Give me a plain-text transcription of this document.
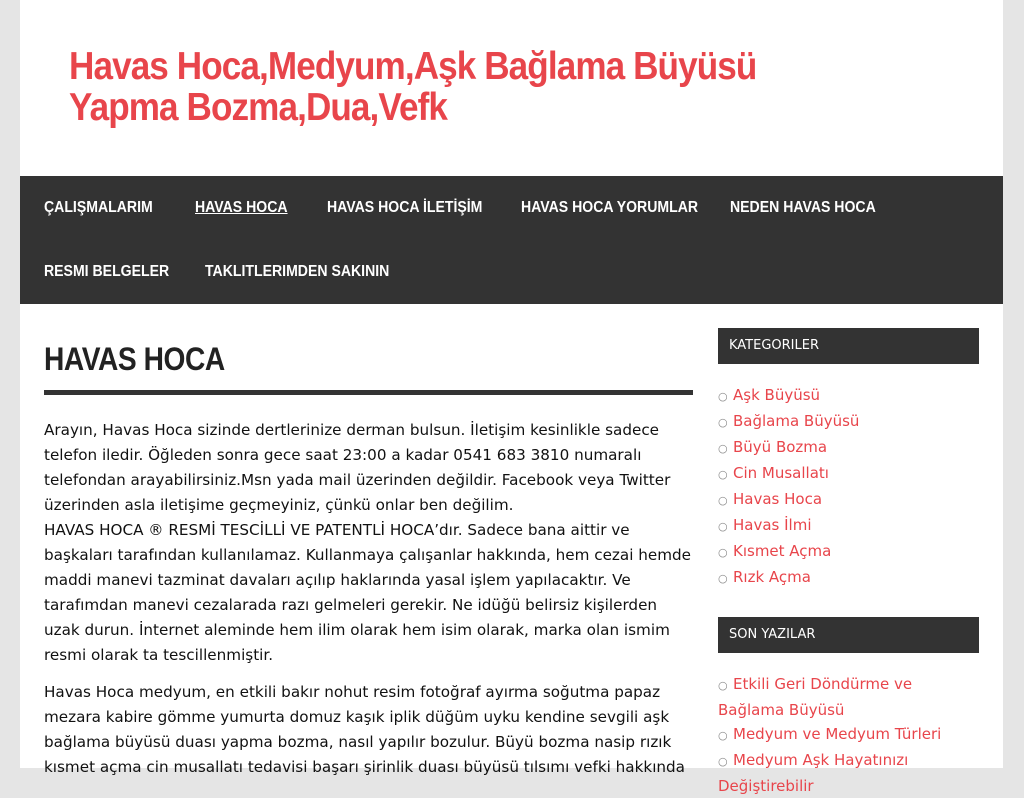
Havas Hoca,Medyum,Aşk Bağlama Büyüsü Yapma Bozma,Dua,Vefk
ÇALIŞMALARIM	HAVAS HOCA HAVAS HOCA İLETİŞİM HAVAS HOCA YORUMLAR NEDEN HAVAS HOCA
RESMI BELGELER TAKLITLERIMDEN SAKININ
HAVAS HOCA

Arayın, Havas Hoca sizinde dertlerinize derman bulsun. İletişim kesinlikle sadece telefon iledir. Öğleden sonra gece saat 23:00 a kadar 0541 683 3810 numaralı telefondan arayabilirsiniz.Msn yada mail üzerinden değildir. Facebook veya Twitter üzerinden asla iletişime geçmeyiniz, çünkü onlar ben değilim.
HAVAS HOCA ® RESMİ TESCİLLİ VE PATENTLİ HOCA’dır. Sadece bana aittir ve başkaları tarafından kullanılamaz. Kullanmaya çalışanlar hakkında, hem cezai hemde maddi manevi tazminat davaları açılıp haklarında yasal işlem yapılacaktır. Ve tarafımdan manevi cezalarada razı gelmeleri gerekir. Ne idüğü belirsiz kişilerden uzak durun. İnternet aleminde hem ilim olarak hem isim olarak, marka olan ismim resmi olarak ta tescillenmiştir.

Havas Hoca medyum, en etkili bakır nohut resim fotoğraf ayırma soğutma papaz mezara kabire gömme yumurta domuz kaşık iplik düğüm uyku kendine sevgili aşk bağlama büyüsü duası yapma bozma, nasıl yapılır bozulur. Büyü bozma nasip rızık kısmet açma cin musallatı tedavisi başarı şirinlik duası büyüsü tılsımı vefki hakkında

KATEGORILER
○ Aşk Büyüsü
○ Bağlama Büyüsü
○ Büyü Bozma
○ Cin Musallatı
○ Havas Hoca
○ Havas İlmi
○ Kısmet Açma
○ Rızk Açma
SON YAZILAR
○ Etkili Geri Döndürme ve Bağlama Büyüsü
○ Medyum ve Medyum Türleri
○ Medyum Aşk Hayatınızı Değiştirebilir
